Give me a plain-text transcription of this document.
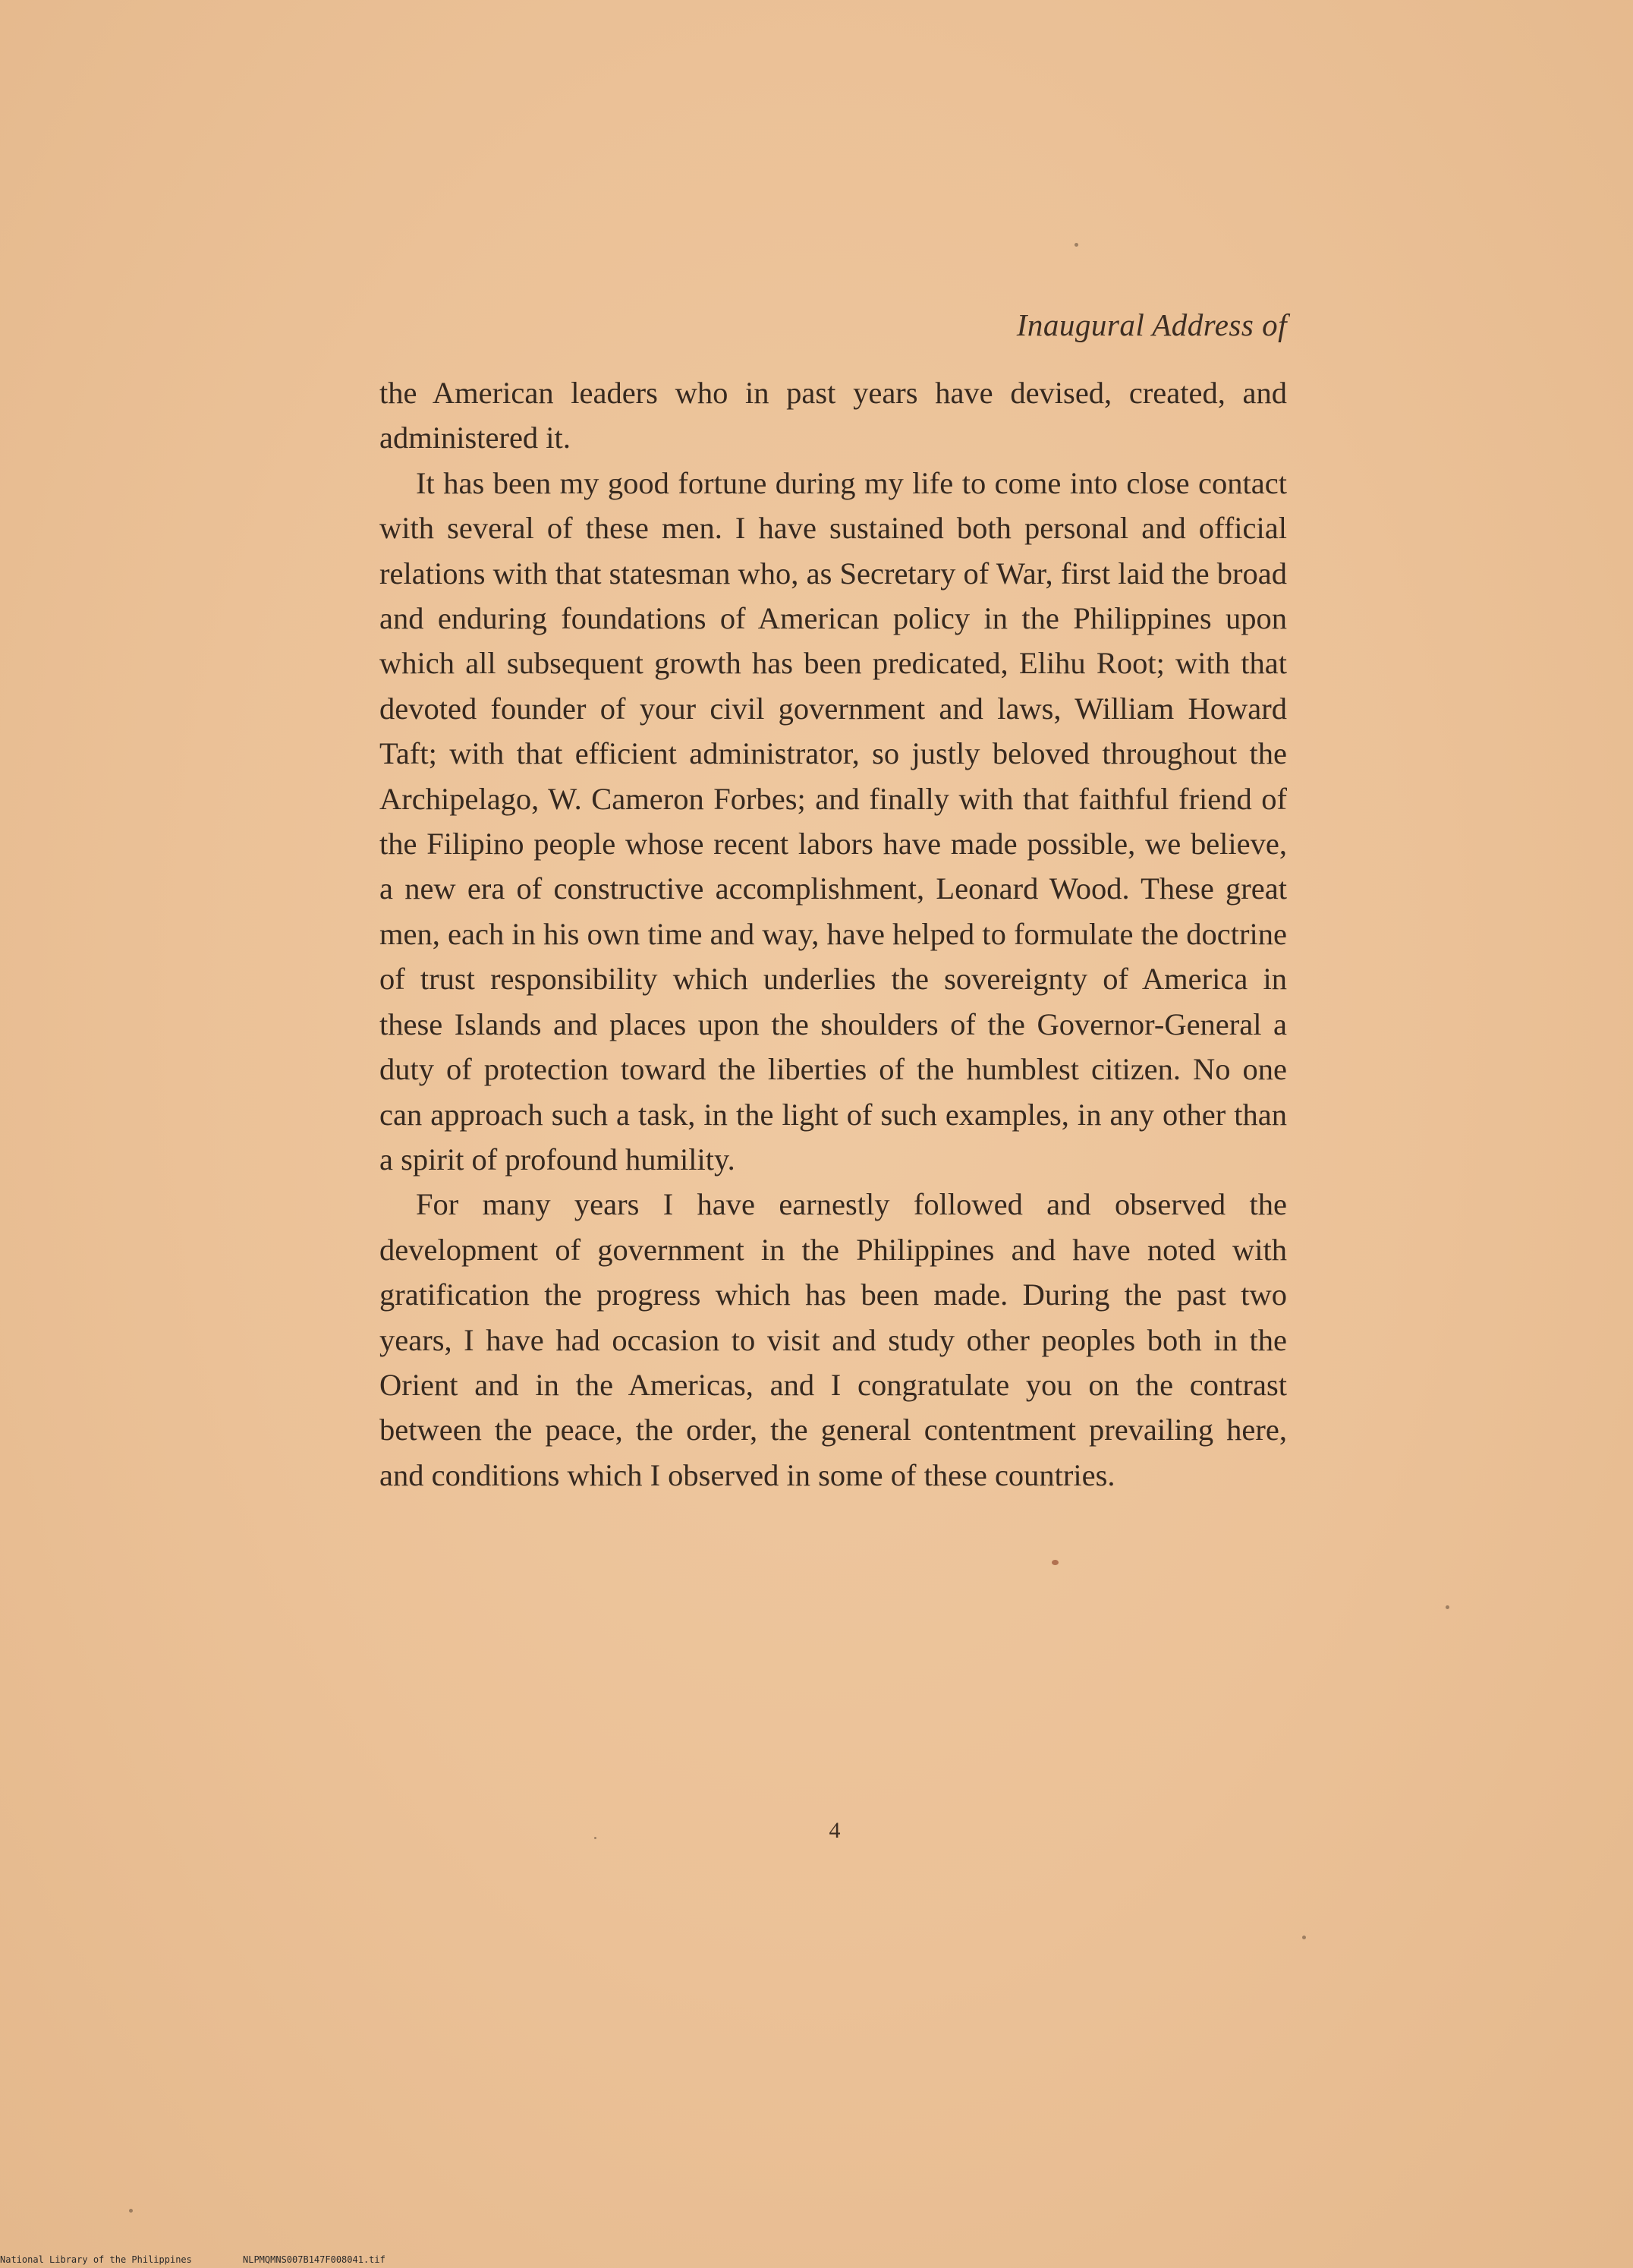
Inaugural Address of

the American leaders who in past years have devised, created, and administered it.

It has been my good fortune during my life to come into close contact with several of these men. I have sustained both personal and official relations with that statesman who, as Secretary of War, first laid the broad and enduring foundations of American policy in the Philippines upon which all subsequent growth has been predicated, Elihu Root; with that devoted founder of your civil government and laws, William Howard Taft; with that efficient administrator, so justly beloved throughout the Archipelago, W. Cameron Forbes; and finally with that faithful friend of the Filipino people whose recent labors have made possible, we believe, a new era of constructive accomplishment, Leonard Wood. These great men, each in his own time and way, have helped to formulate the doctrine of trust responsibility which underlies the sovereignty of America in these Islands and places upon the shoulders of the Governor-General a duty of protection toward the liberties of the humblest citizen. No one can approach such a task, in the light of such examples, in any other than a spirit of profound humility.

For many years I have earnestly followed and observed the development of government in the Philippines and have noted with gratification the progress which has been made. During the past two years, I have had occasion to visit and study other peoples both in the Orient and in the Americas, and I congratulate you on the contrast between the peace, the order, the general contentment prevailing here, and conditions which I observed in some of these countries.

4
National Library of the Philippines	NLPMQMNS007B147F008041.tif
